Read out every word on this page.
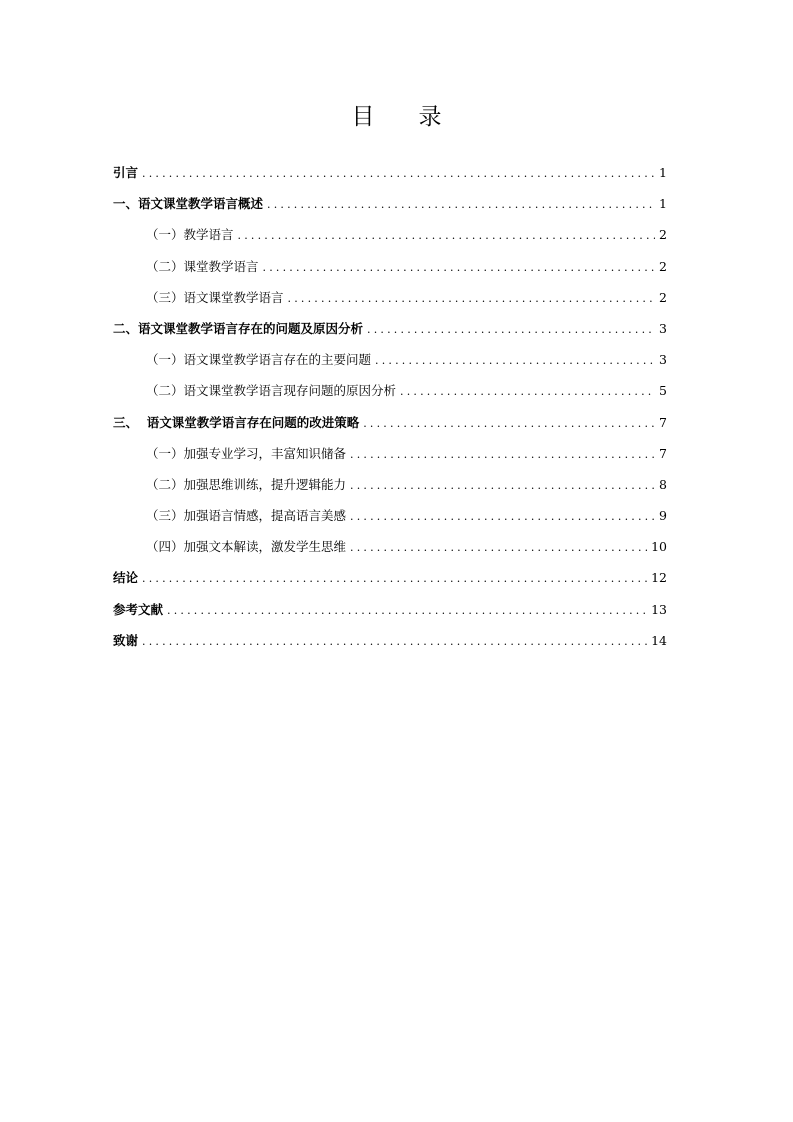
目 录
引言 .....	1
一、语文课堂教学语言概述 .....	1
（一）教学语言 .....	2
（二）课堂教学语言 .....	2
（三）语文课堂教学语言 .....	2
二、语文课堂教学语言存在的问题及原因分析 .....	3
（一）语文课堂教学语言存在的主要问题 .....	3
（二）语文课堂教学语言现存问题的原因分析 .....	5
三、  语文课堂教学语言存在问题的改进策略 .....	7
（一）加强专业学习，丰富知识储备 .....	7
（二）加强思维训练，提升逻辑能力 .....	8
（三）加强语言情感，提高语言美感 .....	9
（四）加强文本解读，激发学生思维 .....	10
结论 .....	12
参考文献 .....	13
致谢 .....	14
